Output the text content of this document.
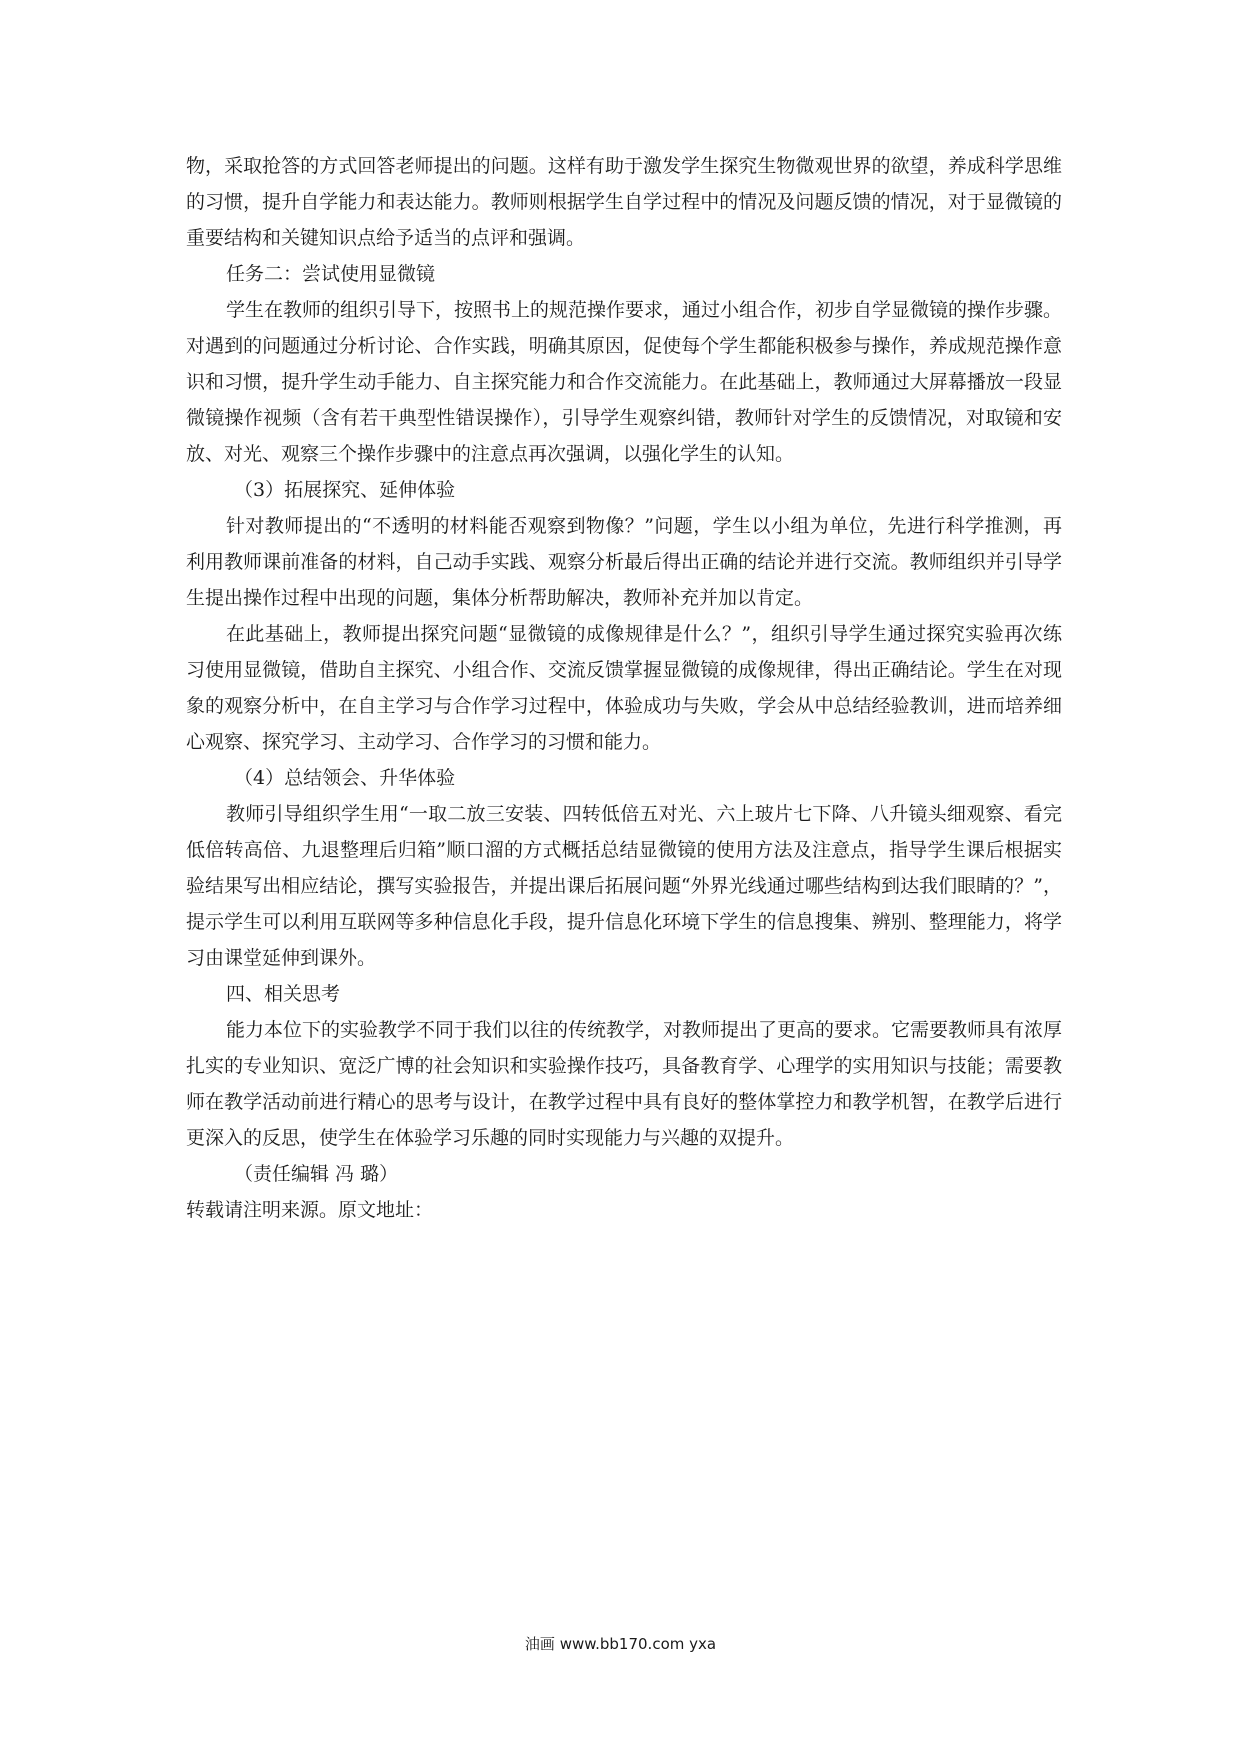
物，采取抢答的方式回答老师提出的问题。这样有助于激发学生探究生物微观世界的欲望，养成科学思维的习惯，提升自学能力和表达能力。教师则根据学生自学过程中的情况及问题反馈的情况，对于显微镜的重要结构和关键知识点给予适当的点评和强调。

任务二：尝试使用显微镜

学生在教师的组织引导下，按照书上的规范操作要求，通过小组合作，初步自学显微镜的操作步骤。对遇到的问题通过分析讨论、合作实践，明确其原因，促使每个学生都能积极参与操作，养成规范操作意识和习惯，提升学生动手能力、自主探究能力和合作交流能力。在此基础上，教师通过大屏幕播放一段显微镜操作视频（含有若干典型性错误操作），引导学生观察纠错，教师针对学生的反馈情况，对取镜和安放、对光、观察三个操作步骤中的注意点再次强调，以强化学生的认知。

（3）拓展探究、延伸体验

针对教师提出的“不透明的材料能否观察到物像？”问题，学生以小组为单位，先进行科学推测，再利用教师课前准备的材料，自己动手实践、观察分析最后得出正确的结论并进行交流。教师组织并引导学生提出操作过程中出现的问题，集体分析帮助解决，教师补充并加以肯定。

在此基础上，教师提出探究问题“显微镜的成像规律是什么？”，组织引导学生通过探究实验再次练习使用显微镜，借助自主探究、小组合作、交流反馈掌握显微镜的成像规律，得出正确结论。学生在对现象的观察分析中，在自主学习与合作学习过程中，体验成功与失败，学会从中总结经验教训，进而培养细心观察、探究学习、主动学习、合作学习的习惯和能力。

（4）总结领会、升华体验

教师引导组织学生用“一取二放三安装、四转低倍五对光、六上玻片七下降、八升镜头细观察、看完低倍转高倍、九退整理后归箱”顺口溜的方式概括总结显微镜的使用方法及注意点，指导学生课后根据实验结果写出相应结论，撰写实验报告，并提出课后拓展问题“外界光线通过哪些结构到达我们眼睛的？”，提示学生可以利用互联网等多种信息化手段，提升信息化环境下学生的信息搜集、辨别、整理能力，将学习由课堂延伸到课外。

四、相关思考

能力本位下的实验教学不同于我们以往的传统教学，对教师提出了更高的要求。它需要教师具有浓厚扎实的专业知识、宽泛广博的社会知识和实验操作技巧，具备教育学、心理学的实用知识与技能；需要教师在教学活动前进行精心的思考与设计，在教学过程中具有良好的整体掌控力和教学机智，在教学后进行更深入的反思，使学生在体验学习乐趣的同时实现能力与兴趣的双提升。

（责任编辑 冯 璐）

转载请注明来源。原文地址：

油画 www.bb170.com yxa
